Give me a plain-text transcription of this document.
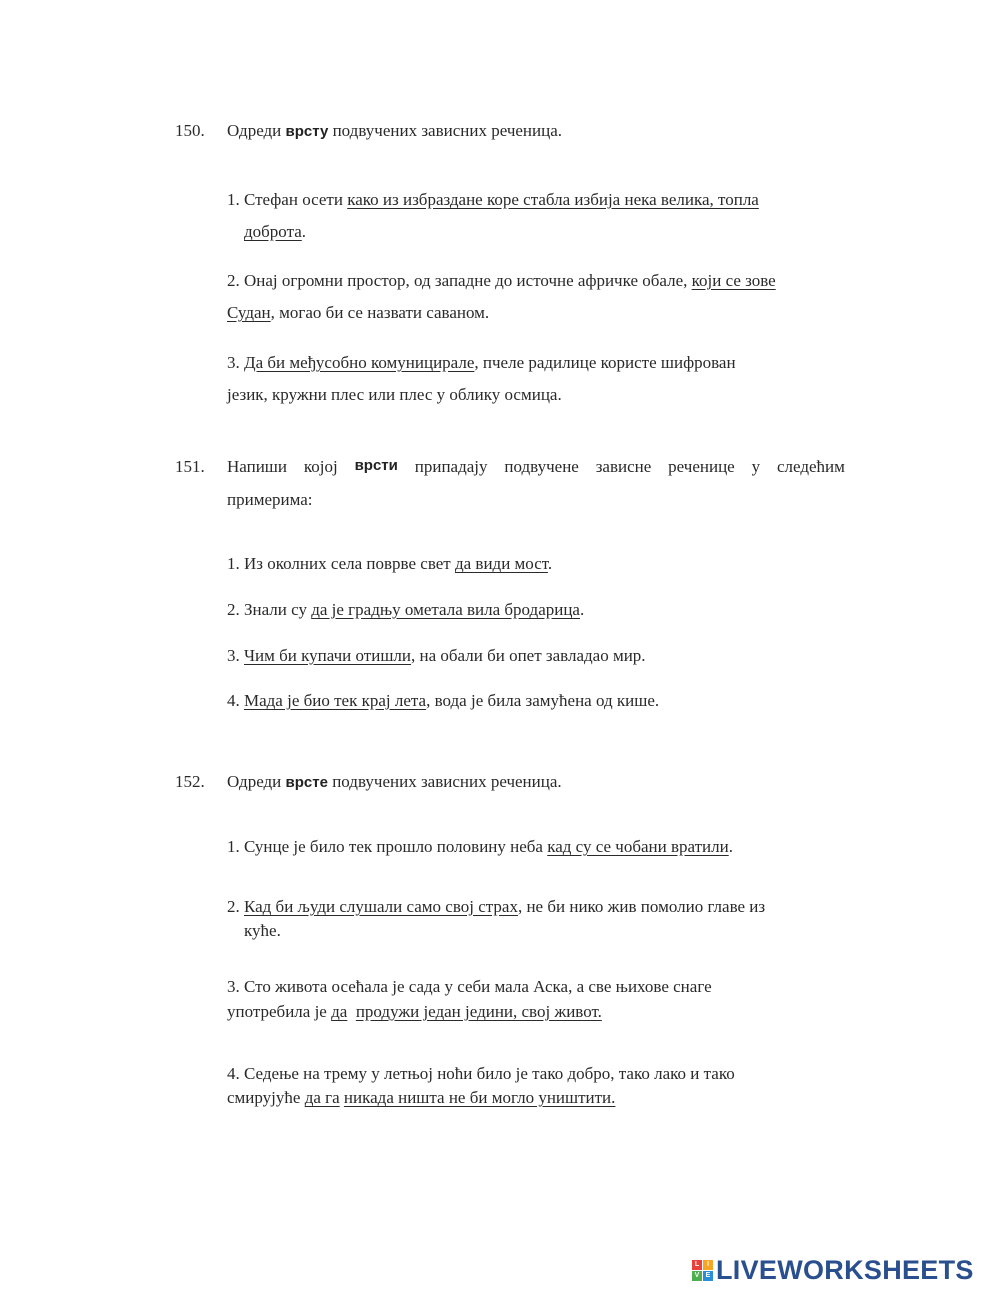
150. Одреди врсту подвучених зависних реченица.
1. Стефан осети како из избраздане коре стабла избија нека велика, топла
доброта.
2. Онај огромни простор, од западне до источне афричке обале, који се зове
Судан, могао би се назвати саваном.
3. Да би међусобно комуницирале, пчеле радилице користе шифрован
језик, кружни плес или плес у облику осмица.
151. Напиши којој врсти припадају подвучене зависне реченице у следећим
примерима:
1. Из околних села поврве свет да види мост.
2. Знали су да је градњу ометала вила бродарица.
3. Чим би купачи отишли, на обали би опет завладао мир.
4. Мада је био тек крај лета, вода је била замућена од кише.
152. Одреди врсте подвучених зависних реченица.
1. Сунце је било тек прошло половину неба кад су се чобани вратили.
2. Кад би људи слушали само свој страх, не би нико жив помолио главе из
куће.
3. Сто живота осећала је сада у себи мала Аска, а све њихове снаге
употребила је да продужи један једини, свој живот.
4. Седење на трему у летњој ноћи било је тако добро, тако лако и тако
смирујуће да га никада ништа не би могло уништити.
L	I
V E LIVEWORKSHEETS
